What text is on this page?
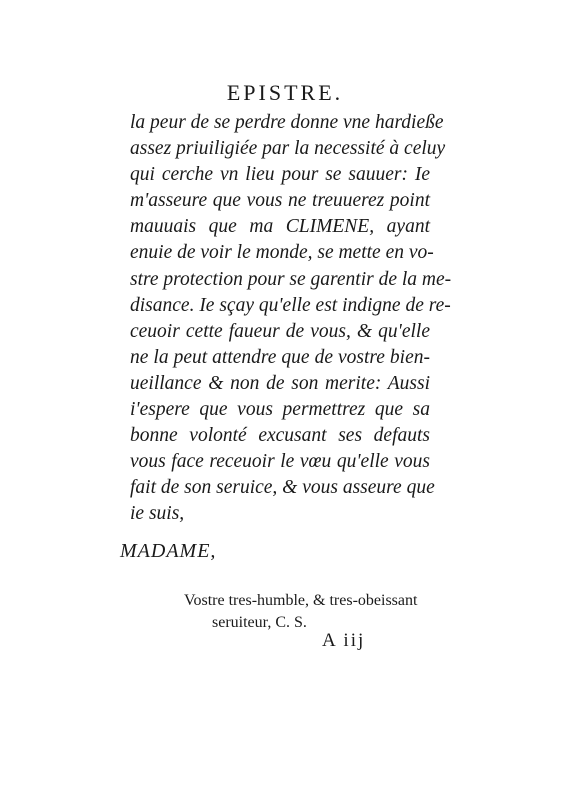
EPISTRE.
la peur de se perdre donne vne hardieße
assez priuiligiée par la necessité à celuy
qui cerche vn lieu pour se sauuer: Ie
m'asseure que vous ne treuuerez point
mauuais que ma CLIMENE, ayant
enuie de voir le monde, se mette en vo-
stre protection pour se garentir de la me-
disance. Ie sçay qu'elle est indigne de re-
ceuoir cette faueur de vous, & qu'elle
ne la peut attendre que de vostre bien-
ueillance & non de son merite: Aussi
i'espere que vous permettrez que sa
bonne volonté excusant ses defauts
vous face receuoir le vœu qu'elle vous
fait de son seruice, & vous asseure que
ie suis,
MADAME,
Vostre tres-humble, & tres-obeissant
seruiteur, C. S.
A iij
